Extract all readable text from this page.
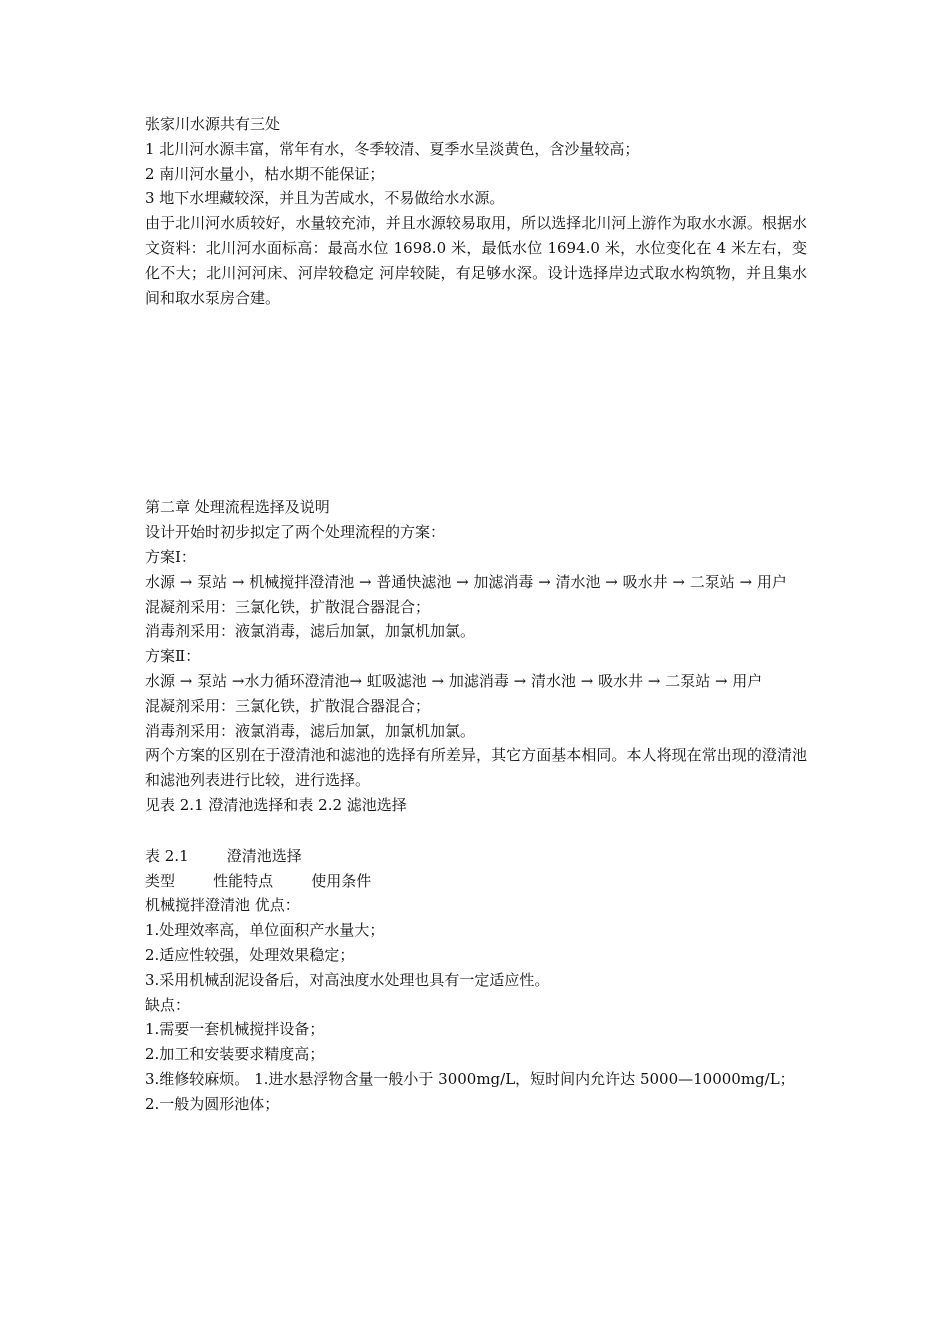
张家川水源共有三处

1 北川河水源丰富，常年有水，冬季较清、夏季水呈淡黄色，含沙量较高；

2 南川河水量小，枯水期不能保证；

3 地下水埋藏较深，并且为苦咸水，不易做给水水源。

由于北川河水质较好，水量较充沛，并且水源较易取用，所以选择北川河上游作为取水水源。根据水文资料：北川河水面标高：最高水位 1698.0 米，最低水位 1694.0 米，水位变化在 4 米左右，变化不大；北川河河床、河岸较稳定 河岸较陡，有足够水深。设计选择岸边式取水构筑物，并且集水间和取水泵房合建。

第二章 处理流程选择及说明

设计开始时初步拟定了两个处理流程的方案：

方案Ⅰ：

水源 → 泵站 → 机械搅拌澄清池 → 普通快滤池 → 加滤消毒 → 清水池 → 吸水井 → 二泵站 → 用户

混凝剂采用：三氯化铁，扩散混合器混合；

消毒剂采用：液氯消毒，滤后加氯，加氯机加氯。

方案Ⅱ：

水源 → 泵站 →水力循环澄清池→ 虹吸滤池 → 加滤消毒 → 清水池 → 吸水井 → 二泵站 → 用户

混凝剂采用：三氯化铁，扩散混合器混合；

消毒剂采用：液氯消毒，滤后加氯，加氯机加氯。

两个方案的区别在于澄清池和滤池的选择有所差异，其它方面基本相同。本人将现在常出现的澄清池和滤池列表进行比较，进行选择。

见表 2.1 澄清池选择和表 2.2 滤池选择

表 2.1        澄清池选择

类型        性能特点        使用条件

机械搅拌澄清池 优点：

1.处理效率高，单位面积产水量大；

2.适应性较强，处理效果稳定；

3.采用机械刮泥设备后，对高浊度水处理也具有一定适应性。

缺点：

1.需要一套机械搅拌设备；

2.加工和安装要求精度高；

3.维修较麻烦。 1.进水悬浮物含量一般小于 3000mg/L，短时间内允许达 5000—10000mg/L；

2.一般为圆形池体；
